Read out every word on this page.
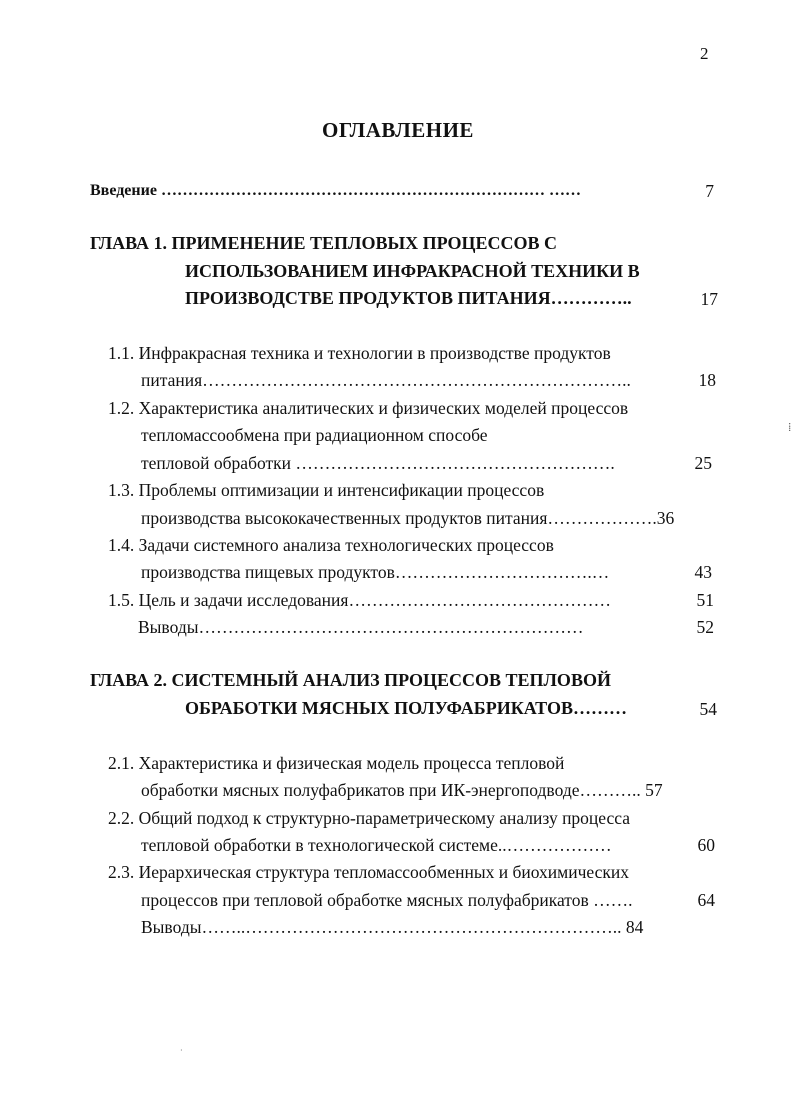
2
ОГЛАВЛЕНИЕ
Введение ……………………………………………………………… ……	7
ГЛАВА 1. ПРИМЕНЕНИЕ ТЕПЛОВЫХ ПРОЦЕССОВ С
ИСПОЛЬЗОВАНИЕМ ИНФРАКРАСНОЙ ТЕХНИКИ В
ПРОИЗВОДСТВЕ ПРОДУКТОВ ПИТАНИЯ…………..	17
1.1. Инфракрасная техника и технологии в производстве продуктов
питания………………………………………………………………..	18
1.2. Характеристика аналитических и физических моделей процессов
тепломассообмена при радиационном способе
тепловой обработки ……………………………………………….	25
1.3. Проблемы оптимизации и интенсификации процессов
производства высококачественных продуктов питания……………….36
1.4. Задачи системного анализа технологических процессов
производства пищевых продуктов…………………………….…	43
1.5. Цель и задачи исследования………………………………………	51
Выводы…………………………………………………………	52
ГЛАВА 2. СИСТЕМНЫЙ АНАЛИЗ ПРОЦЕССОВ ТЕПЛОВОЙ
ОБРАБОТКИ МЯСНЫХ ПОЛУФАБРИКАТОВ………	54
2.1. Характеристика и физическая модель процесса тепловой
обработки мясных полуфабрикатов при ИК-энергоподводе……….. 57
2.2. Общий подход к структурно-параметрическому анализу процесса
тепловой обработки в технологической системе..………………	60
2.3. Иерархическая структура тепломассообменных и биохимических
процессов при тепловой обработке мясных полуфабрикатов …….	64
Выводы……..……………………………………………………….. 84
⁞
·
